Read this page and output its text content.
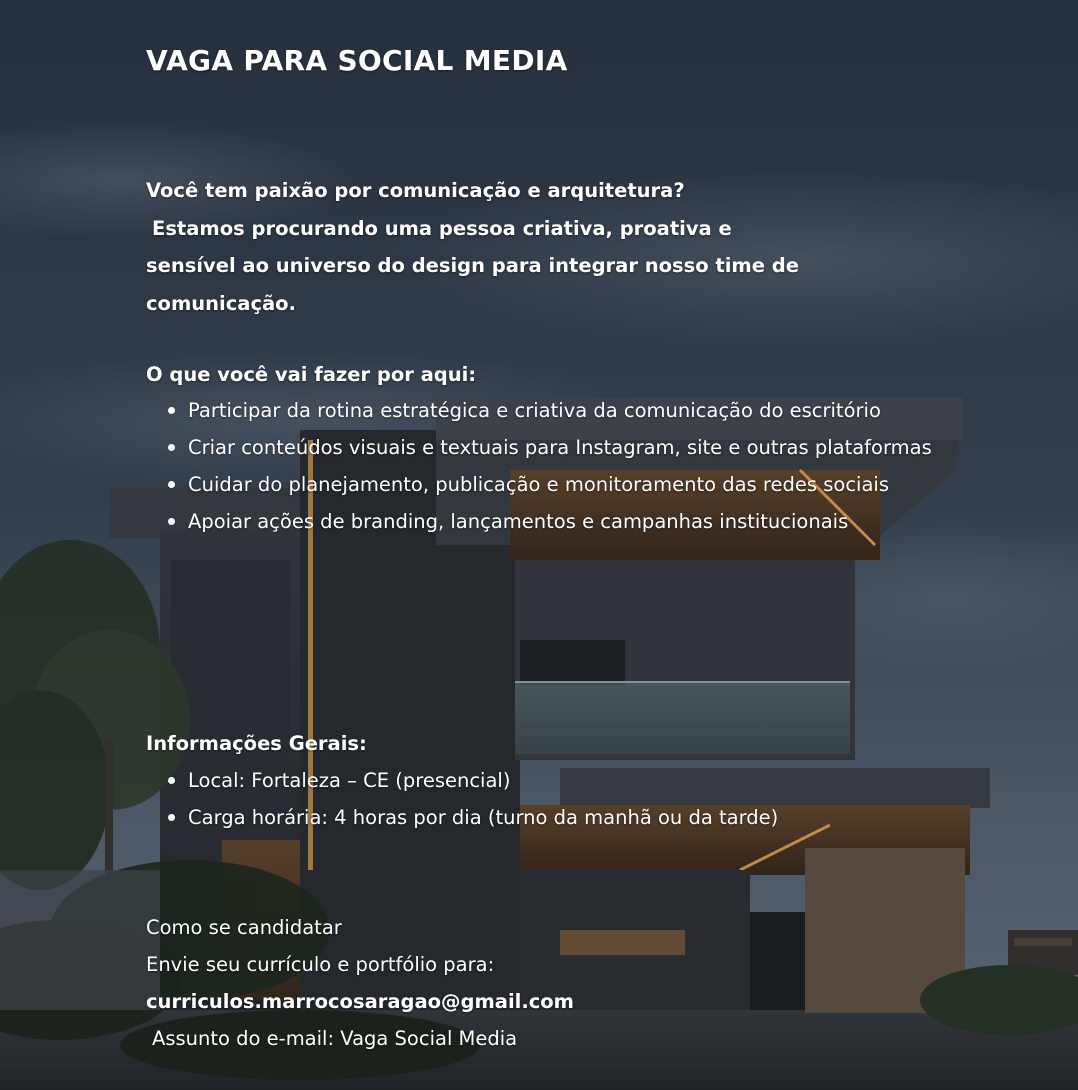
VAGA PARA SOCIAL MEDIA

Você tem paixão por comunicação e arquitetura?
Estamos procurando uma pessoa criativa, proativa e
sensível ao universo do design para integrar nosso time de
comunicação.

O que você vai fazer por aqui:
Participar da rotina estratégica e criativa da comunicação do escritório
Criar conteúdos visuais e textuais para Instagram, site e outras plataformas
Cuidar do planejamento, publicação e monitoramento das redes sociais
Apoiar ações de branding, lançamentos e campanhas institucionais
Informações Gerais:
Local: Fortaleza – CE (presencial)
Carga horária: 4 horas por dia (turno da manhã ou da tarde)
Como se candidatar
Envie seu currículo e portfólio para:
curriculos.marrocosaragao@gmail.com
Assunto do e-mail: Vaga Social Media
